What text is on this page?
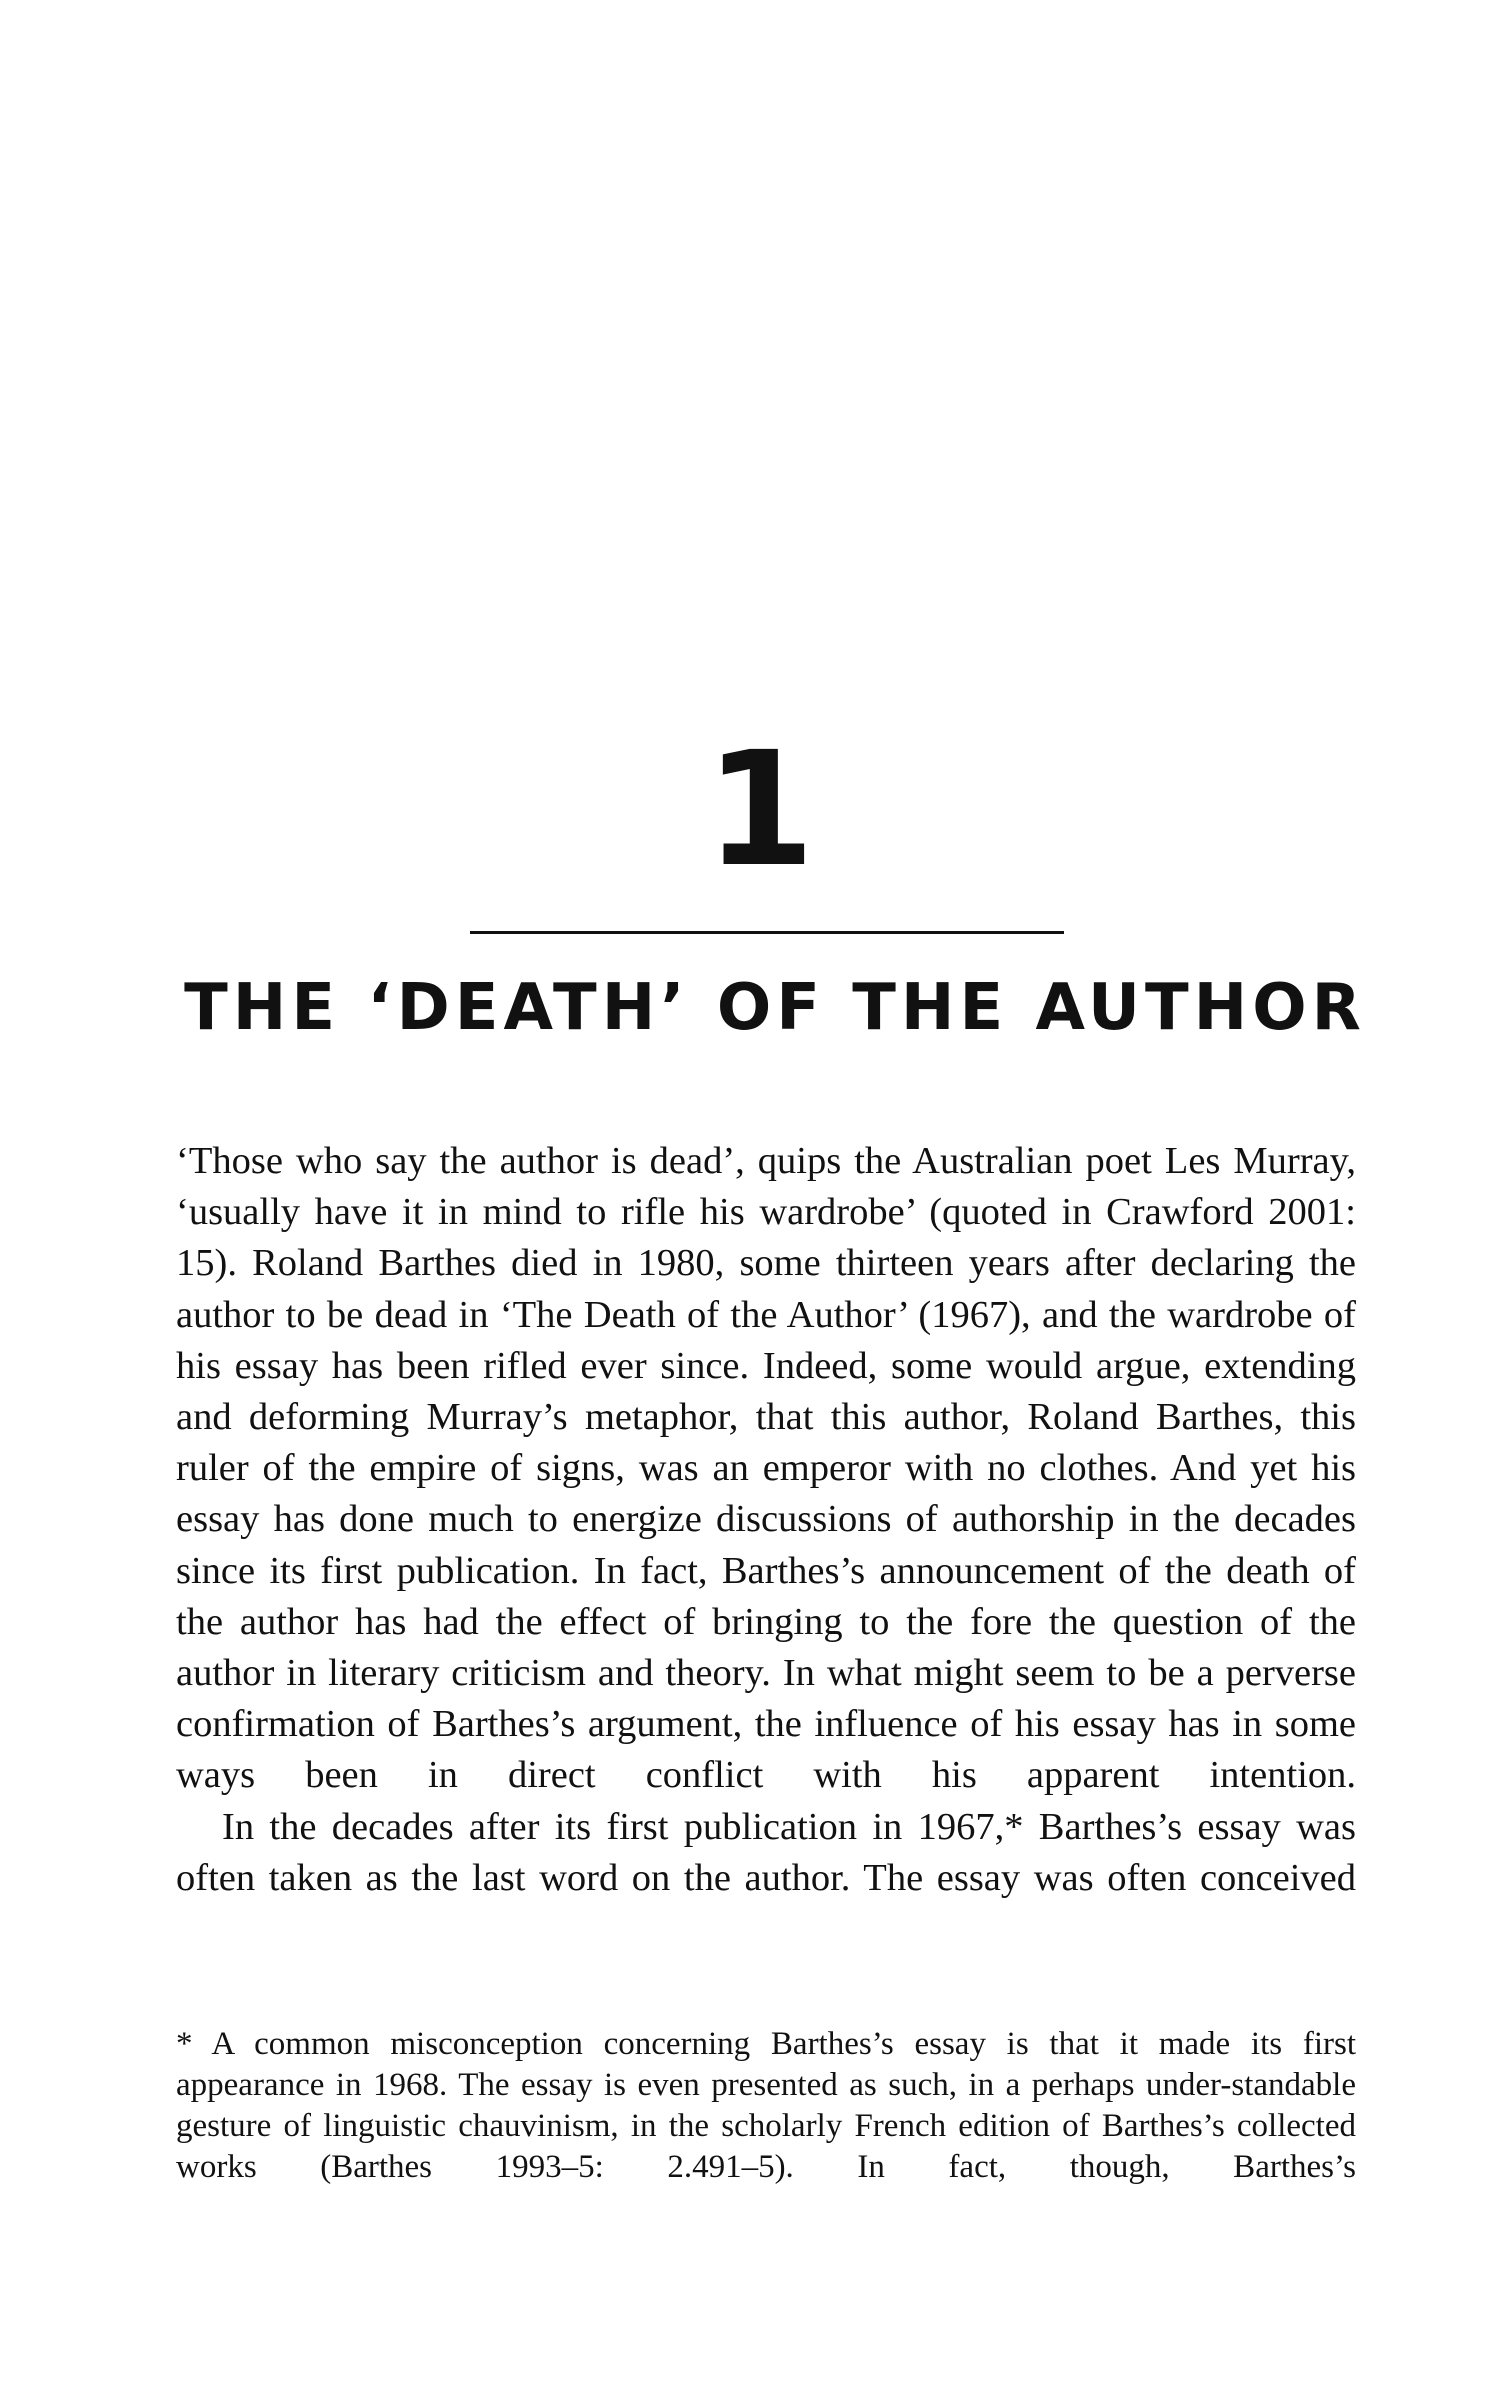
1
THE ‘DEATH’ OF THE AUTHOR

‘Those who say the author is dead’, quips the Australian poet Les Murray, ‘usually have it in mind to rifle his wardrobe’ (quoted in Crawford 2001: 15). Roland Barthes died in 1980, some thirteen years after declaring the author to be dead in ‘The Death of the Author’ (1967), and the wardrobe of his essay has been rifled ever since. Indeed, some would argue, extending and deforming Murray’s metaphor, that this author, Roland Barthes, this ruler of the empire of signs, was an emperor with no clothes. And yet his essay has done much to energize discussions of authorship in the decades since its first publication. In fact, Barthes’s announcement of the death of the author has had the effect of bringing to the fore the question of the author in literary criticism and theory. In what might seem to be a perverse confirmation of Barthes’s argument, the influence of his essay has in some ways been in direct conflict with his apparent intention.

In the decades after its first publication in 1967,* Barthes’s essay was often taken as the last word on the author. The essay was often conceived

* A common misconception concerning Barthes’s essay is that it made its first appearance in 1968. The essay is even presented as such, in a perhaps under-standable gesture of linguistic chauvinism, in the scholarly French edition of Barthes’s collected works (Barthes 1993–5: 2.491–5). In fact, though, Barthes’s
